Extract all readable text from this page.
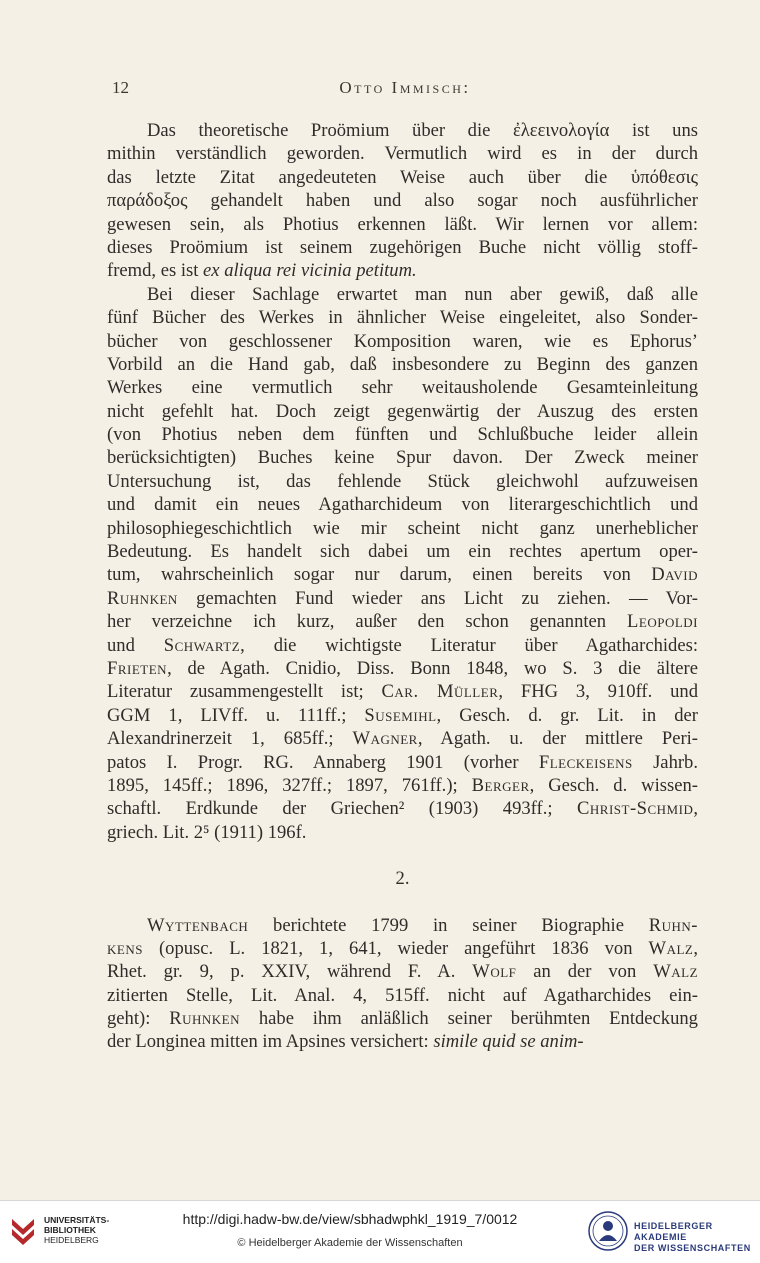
12	Otto Immisch:
Das theoretische Proömium über die ἐλεεινολογία ist uns
mithin verständlich geworden. Vermutlich wird es in der durch
das letzte Zitat angedeuteten Weise auch über die ὑπόθεσις
παράδοξος gehandelt haben und also sogar noch ausführlicher
gewesen sein, als Photius erkennen läßt. Wir lernen vor allem:
dieses Proömium ist seinem zugehörigen Buche nicht völlig stoff-
fremd, es ist ex aliqua rei vicinia petitum.
Bei dieser Sachlage erwartet man nun aber gewiß, daß alle
fünf Bücher des Werkes in ähnlicher Weise eingeleitet, also Sonder-
bücher von geschlossener Komposition waren, wie es Ephorus’
Vorbild an die Hand gab, daß insbesondere zu Beginn des ganzen
Werkes eine vermutlich sehr weitausholende Gesamteinleitung
nicht gefehlt hat. Doch zeigt gegenwärtig der Auszug des ersten
(von Photius neben dem fünften und Schlußbuche leider allein
berücksichtigten) Buches keine Spur davon. Der Zweck meiner
Untersuchung ist, das fehlende Stück gleichwohl aufzuweisen
und damit ein neues Agatharchideum von literargeschichtlich und
philosophiegeschichtlich wie mir scheint nicht ganz unerheblicher
Bedeutung. Es handelt sich dabei um ein rechtes apertum oper-
tum, wahrscheinlich sogar nur darum, einen bereits von David
Ruhnken gemachten Fund wieder ans Licht zu ziehen. — Vor-
her verzeichne ich kurz, außer den schon genannten Leopoldi
und Schwartz, die wichtigste Literatur über Agatharchides:
Frieten, de Agath. Cnidio, Diss. Bonn 1848, wo S. 3 die ältere
Literatur zusammengestellt ist; Car. Müller, FHG 3, 910ff. und
GGM 1, LIVff. u. 111ff.; Susemihl, Gesch. d. gr. Lit. in der
Alexandrinerzeit 1, 685ff.; Wagner, Agath. u. der mittlere Peri-
patos I. Progr. RG. Annaberg 1901 (vorher Fleckeisens Jahrb.
1895, 145ff.; 1896, 327ff.; 1897, 761ff.); Berger, Gesch. d. wissen-
schaftl. Erdkunde der Griechen² (1903) 493ff.; Christ-Schmid,
griech. Lit. 2⁵ (1911) 196f.
2.
Wyttenbach berichtete 1799 in seiner Biographie Ruhn-
kens (opusc. L. 1821, 1, 641, wieder angeführt 1836 von Walz,
Rhet. gr. 9, p. XXIV, während F. A. Wolf an der von Walz
zitierten Stelle, Lit. Anal. 4, 515ff. nicht auf Agatharchides ein-
geht): Ruhnken habe ihm anläßlich seiner berühmten Entdeckung
der Longinea mitten im Apsines versichert: simile quid se anim-
UNIVERSITÄTS-
BIBLIOTHEK
HEIDELBERG
http://digi.hadw-bw.de/view/sbhadwphkl_1919_7/0012
© Heidelberger Akademie der Wissenschaften
HEIDELBERGER AKADEMIE
DER WISSENSCHAFTEN
